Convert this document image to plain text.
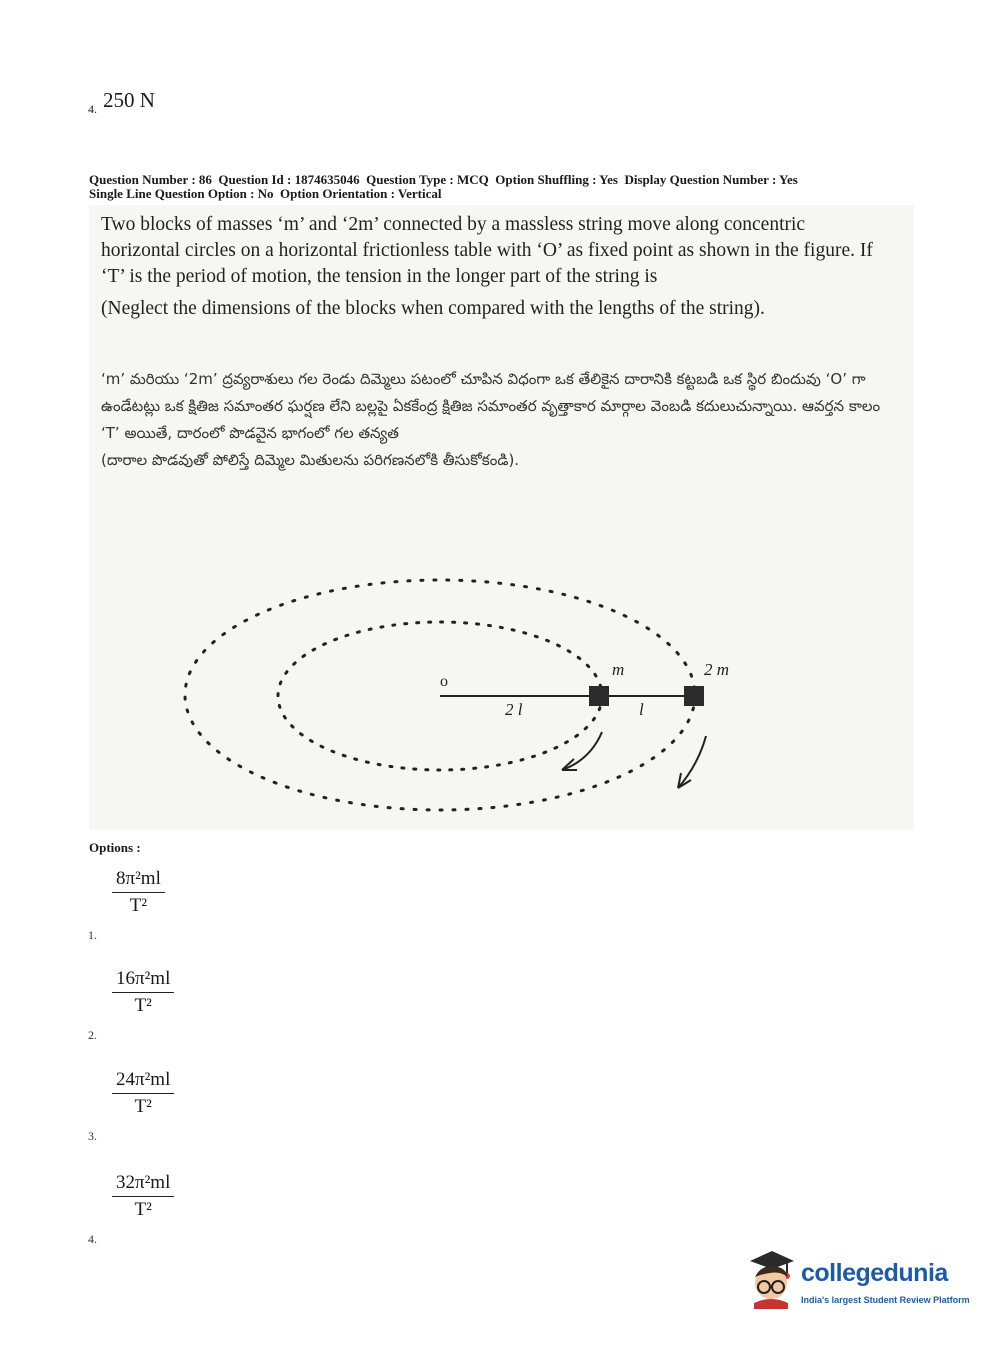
$_{4.}$ 250 N
Question Number : 86  Question Id : 1874635046  Question Type : MCQ  Option Shuffling : Yes  Display Question Number : Yes
Single Line Question Option : No  Option Orientation : Vertical

Two blocks of masses ‘m’ and ‘2m’ connected by a massless string move along concentric horizontal circles on a horizontal frictionless table with ‘O’ as fixed point as shown in the figure. If ‘T’ is the period of motion, the tension in the longer part of the string is

(Neglect the dimensions of the blocks when compared with the lengths of the string).

‘m’ మరియు ‘2m’ ద్రవ్యరాశులు గల రెండు దిమ్మెలు పటంలో చూపిన విధంగా ఒక తేలికైన దారానికి కట్టబడి ఒక స్థిర బిందువు ‘O’ గా ఉండేటట్లు ఒక క్షితిజ సమాంతర ఘర్షణ లేని బల్లపై ఏకకేంద్ర క్షితిజ సమాంతర వృత్తాకార మార్గాల వెంబడి కదులుచున్నాయి. ఆవర్తన కాలం ‘T’ అయితే, దారంలో పొడవైన భాగంలో గల తన్యత

(దారాల పొడవుతో పోలిస్తే దిమ్మెల మితులను పరిగణనలోకి తీసుకోకండి).

o
m	2 m
2 l	l
Options :
1.
$\frac{\text{8π²ml}}{\text{T²}}$
2.
$\frac{\text{16π²ml}}{\text{T²}}$
3.
$\frac{\text{24π²ml}}{\text{T²}}$
4.
$\frac{\text{32π²ml}}{\text{T²}}$
collegedunia
India's largest Student Review Platform
